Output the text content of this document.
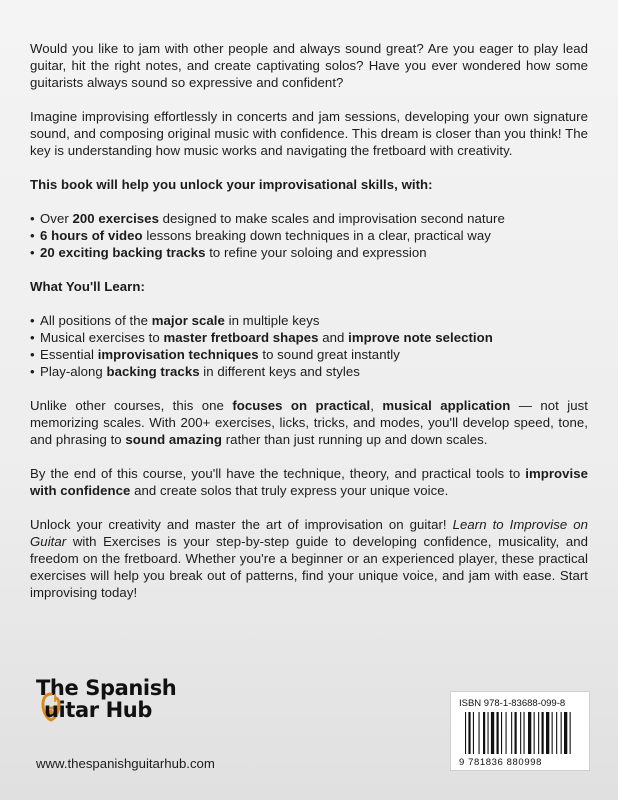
Would you like to jam with other people and always sound great? Are you eager to play lead guitar, hit the right notes, and create captivating solos? Have you ever wondered how some guitarists always sound so expressive and confident?

Imagine improvising effortlessly in concerts and jam sessions, developing your own signature sound, and composing original music with confidence. This dream is closer than you think! The key is understanding how music works and navigating the fretboard with creativity.

This book will help you unlock your improvisational skills, with:

• Over 200 exercises designed to make scales and improvisation second nature
• 6 hours of video lessons breaking down techniques in a clear, practical way
• 20 exciting backing tracks to refine your soloing and expression

What You'll Learn:

• All positions of the major scale in multiple keys
• Musical exercises to master fretboard shapes and improve note selection
• Essential improvisation techniques to sound great instantly
• Play-along backing tracks in different keys and styles

Unlike other courses, this one focuses on practical, musical application — not just memorizing scales. With 200+ exercises, licks, tricks, and modes, you'll develop speed, tone, and phrasing to sound amazing rather than just running up and down scales.

By the end of this course, you'll have the technique, theory, and practical tools to improvise with confidence and create solos that truly express your unique voice.

Unlock your creativity and master the art of improvisation on guitar! Learn to Improvise on Guitar with Exercises is your step-by-step guide to developing confidence, musicality, and freedom on the fretboard. Whether you're a beginner or an experienced player, these practical exercises will help you break out of patterns, find your unique voice, and jam with ease. Start improvising today!

The Spanish
uitar Hub
www.thespanishguitarhub.com
ISBN 978-1-83688-099-8
9 781836 880998
